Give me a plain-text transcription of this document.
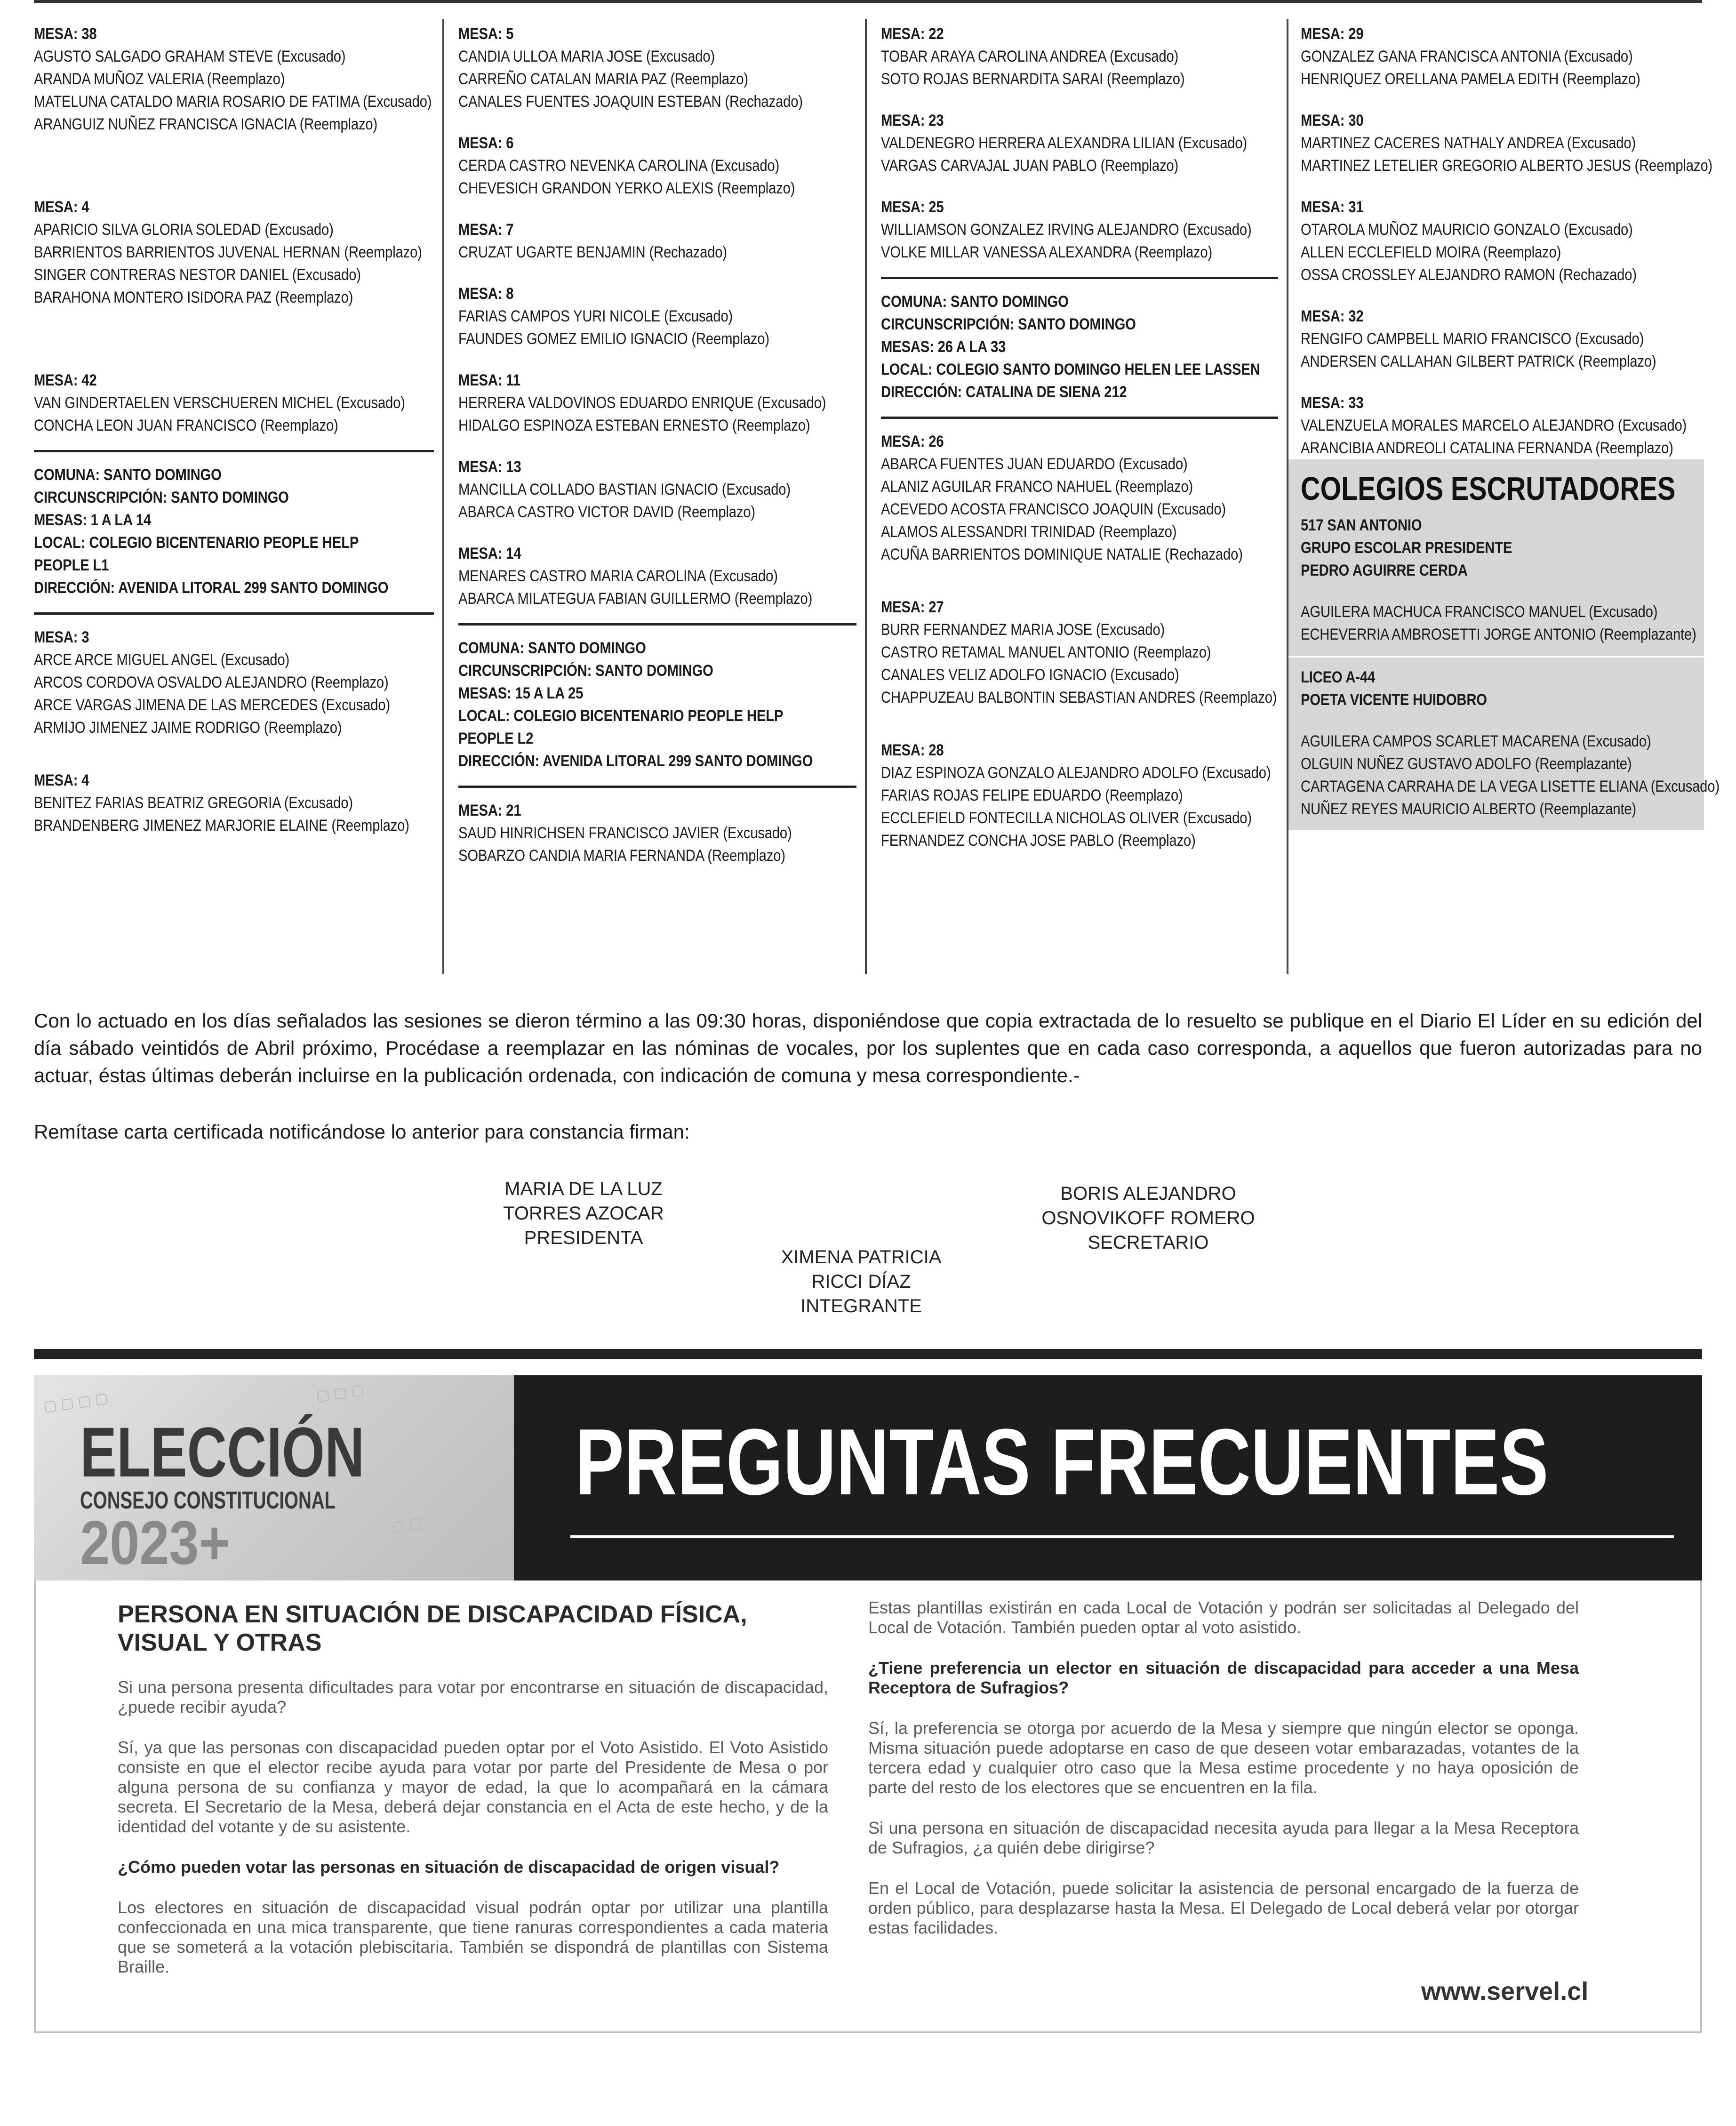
MESA: 38
AGUSTO SALGADO GRAHAM STEVE (Excusado)
ARANDA MUÑOZ VALERIA (Reemplazo)
MATELUNA CATALDO MARIA ROSARIO DE FATIMA (Excusado)
ARANGUIZ NUÑEZ FRANCISCA IGNACIA (Reemplazo)
MESA: 4
APARICIO SILVA GLORIA SOLEDAD (Excusado)
BARRIENTOS BARRIENTOS JUVENAL HERNAN (Reemplazo)
SINGER CONTRERAS NESTOR DANIEL (Excusado)
BARAHONA MONTERO ISIDORA PAZ (Reemplazo)
MESA: 42
VAN GINDERTAELEN VERSCHUEREN MICHEL (Excusado)
CONCHA LEON JUAN FRANCISCO (Reemplazo)
COMUNA: SANTO DOMINGO
CIRCUNSCRIPCIÓN: SANTO DOMINGO
MESAS: 1 A LA 14
LOCAL: COLEGIO BICENTENARIO PEOPLE HELP
PEOPLE L1
DIRECCIÓN: AVENIDA LITORAL 299 SANTO DOMINGO
MESA: 3
ARCE ARCE MIGUEL ANGEL (Excusado)
ARCOS CORDOVA OSVALDO ALEJANDRO (Reemplazo)
ARCE VARGAS JIMENA DE LAS MERCEDES (Excusado)
ARMIJO JIMENEZ JAIME RODRIGO (Reemplazo)
MESA: 4
BENITEZ FARIAS BEATRIZ GREGORIA (Excusado)
BRANDENBERG JIMENEZ MARJORIE ELAINE (Reemplazo)
MESA: 5
CANDIA ULLOA MARIA JOSE (Excusado)
CARREÑO CATALAN MARIA PAZ (Reemplazo)
CANALES FUENTES JOAQUIN ESTEBAN (Rechazado)
MESA: 6
CERDA CASTRO NEVENKA CAROLINA (Excusado)
CHEVESICH GRANDON YERKO ALEXIS (Reemplazo)
MESA: 7
CRUZAT UGARTE BENJAMIN (Rechazado)
MESA: 8
FARIAS CAMPOS YURI NICOLE (Excusado)
FAUNDES GOMEZ EMILIO IGNACIO (Reemplazo)
MESA: 11
HERRERA VALDOVINOS EDUARDO ENRIQUE (Excusado)
HIDALGO ESPINOZA ESTEBAN ERNESTO (Reemplazo)
MESA: 13
MANCILLA COLLADO BASTIAN IGNACIO (Excusado)
ABARCA CASTRO VICTOR DAVID (Reemplazo)
MESA: 14
MENARES CASTRO MARIA CAROLINA (Excusado)
ABARCA MILATEGUA FABIAN GUILLERMO (Reemplazo)
COMUNA: SANTO DOMINGO
CIRCUNSCRIPCIÓN: SANTO DOMINGO
MESAS: 15 A LA 25
LOCAL: COLEGIO BICENTENARIO PEOPLE HELP
PEOPLE L2
DIRECCIÓN: AVENIDA LITORAL 299 SANTO DOMINGO
MESA: 21
SAUD HINRICHSEN FRANCISCO JAVIER (Excusado)
SOBARZO CANDIA MARIA FERNANDA (Reemplazo)
MESA: 22
TOBAR ARAYA CAROLINA ANDREA (Excusado)
SOTO ROJAS BERNARDITA SARAI (Reemplazo)
MESA: 23
VALDENEGRO HERRERA ALEXANDRA LILIAN (Excusado)
VARGAS CARVAJAL JUAN PABLO (Reemplazo)
MESA: 25
WILLIAMSON GONZALEZ IRVING ALEJANDRO (Excusado)
VOLKE MILLAR VANESSA ALEXANDRA (Reemplazo)
COMUNA: SANTO DOMINGO
CIRCUNSCRIPCIÓN: SANTO DOMINGO
MESAS: 26 A LA 33
LOCAL: COLEGIO SANTO DOMINGO HELEN LEE LASSEN
DIRECCIÓN: CATALINA DE SIENA 212
MESA: 26
ABARCA FUENTES JUAN EDUARDO (Excusado)
ALANIZ AGUILAR FRANCO NAHUEL (Reemplazo)
ACEVEDO ACOSTA FRANCISCO JOAQUIN (Excusado)
ALAMOS ALESSANDRI TRINIDAD (Reemplazo)
ACUÑA BARRIENTOS DOMINIQUE NATALIE (Rechazado)
MESA: 27
BURR FERNANDEZ MARIA JOSE (Excusado)
CASTRO RETAMAL MANUEL ANTONIO (Reemplazo)
CANALES VELIZ ADOLFO IGNACIO (Excusado)
CHAPPUZEAU BALBONTIN SEBASTIAN ANDRES (Reemplazo)
MESA: 28
DIAZ ESPINOZA GONZALO ALEJANDRO ADOLFO (Excusado)
FARIAS ROJAS FELIPE EDUARDO (Reemplazo)
ECCLEFIELD FONTECILLA NICHOLAS OLIVER (Excusado)
FERNANDEZ CONCHA JOSE PABLO (Reemplazo)
MESA: 29
GONZALEZ GANA FRANCISCA ANTONIA (Excusado)
HENRIQUEZ ORELLANA PAMELA EDITH (Reemplazo)
MESA: 30
MARTINEZ CACERES NATHALY ANDREA (Excusado)
MARTINEZ LETELIER GREGORIO ALBERTO JESUS (Reemplazo)
MESA: 31
OTAROLA MUÑOZ MAURICIO GONZALO (Excusado)
ALLEN ECCLEFIELD MOIRA (Reemplazo)
OSSA CROSSLEY ALEJANDRO RAMON (Rechazado)
MESA: 32
RENGIFO CAMPBELL MARIO FRANCISCO (Excusado)
ANDERSEN CALLAHAN GILBERT PATRICK (Reemplazo)
MESA: 33
VALENZUELA MORALES MARCELO ALEJANDRO (Excusado)
ARANCIBIA ANDREOLI CATALINA FERNANDA (Reemplazo)
COLEGIOS ESCRUTADORES
517 SAN ANTONIO
GRUPO ESCOLAR PRESIDENTE
PEDRO AGUIRRE CERDA
AGUILERA MACHUCA FRANCISCO MANUEL (Excusado)
ECHEVERRIA AMBROSETTI JORGE ANTONIO (Reemplazante)
LICEO A-44
POETA VICENTE HUIDOBRO
AGUILERA CAMPOS SCARLET MACARENA (Excusado)
OLGUIN NUÑEZ GUSTAVO ADOLFO (Reemplazante)
CARTAGENA CARRAHA DE LA VEGA LISETTE ELIANA (Excusado)
NUÑEZ REYES MAURICIO ALBERTO (Reemplazante)

Con lo actuado en los días señalados las sesiones se dieron término a las 09:30 horas, disponiéndose que copia extractada de lo resuelto se publique en el Diario El Líder en su edición del día sábado veintidós de Abril próximo, Procédase a reemplazar en las nóminas de vocales, por los suplentes que en cada caso corresponda, a aquellos que fueron autorizadas para no actuar, éstas últimas deberán incluirse en la publicación ordenada, con indicación de comuna y mesa correspondiente.-

Remítase carta certificada notificándose lo anterior para constancia firman:

MARIA DE LA LUZ
TORRES AZOCAR
PRESIDENTA
XIMENA PATRICIA
RICCI DÍAZ
INTEGRANTE
BORIS ALEJANDRO
OSNOVIKOFF ROMERO
SECRETARIO
▢ ▢ ▢ ▢	▢ ▢ ▢
▢ ▢
ELECCIÓN
CONSEJO CONSTITUCIONAL
2023+
PREGUNTAS FRECUENTES

PERSONA EN SITUACIÓN DE DISCAPACIDAD FÍSICA, VISUAL Y OTRAS

Si una persona presenta dificultades para votar por encontrarse en situación de discapacidad, ¿puede recibir ayuda?

Sí, ya que las personas con discapacidad pueden optar por el Voto Asistido. El Voto Asistido consiste en que el elector recibe ayuda para votar por parte del Presidente de Mesa o por alguna persona de su confianza y mayor de edad, la que lo acompañará en la cámara secreta. El Secretario de la Mesa, deberá dejar constancia en el Acta de este hecho, y de la identidad del votante y de su asistente.

¿Cómo pueden votar las personas en situación de discapacidad de origen visual?

Los electores en situación de discapacidad visual podrán optar por utilizar una plantilla confeccionada en una mica transparente, que tiene ranuras correspondientes a cada materia que se someterá a la votación plebiscitaria. También se dispondrá de plantillas con Sistema Braille.

Estas plantillas existirán en cada Local de Votación y podrán ser solicitadas al Delegado del Local de Votación. También pueden optar al voto asistido.

¿Tiene preferencia un elector en situación de discapacidad para acceder a una Mesa Receptora de Sufragios?

Sí, la preferencia se otorga por acuerdo de la Mesa y siempre que ningún elector se oponga. Misma situación puede adoptarse en caso de que deseen votar embarazadas, votantes de la tercera edad y cualquier otro caso que la Mesa estime procedente y no haya oposición de parte del resto de los electores que se encuentren en la fila.

Si una persona en situación de discapacidad necesita ayuda para llegar a la Mesa Receptora de Sufragios, ¿a quién debe dirigirse?

En el Local de Votación, puede solicitar la asistencia de personal encargado de la fuerza de orden público, para desplazarse hasta la Mesa. El Delegado de Local deberá velar por otorgar estas facilidades.

www.servel.cl
